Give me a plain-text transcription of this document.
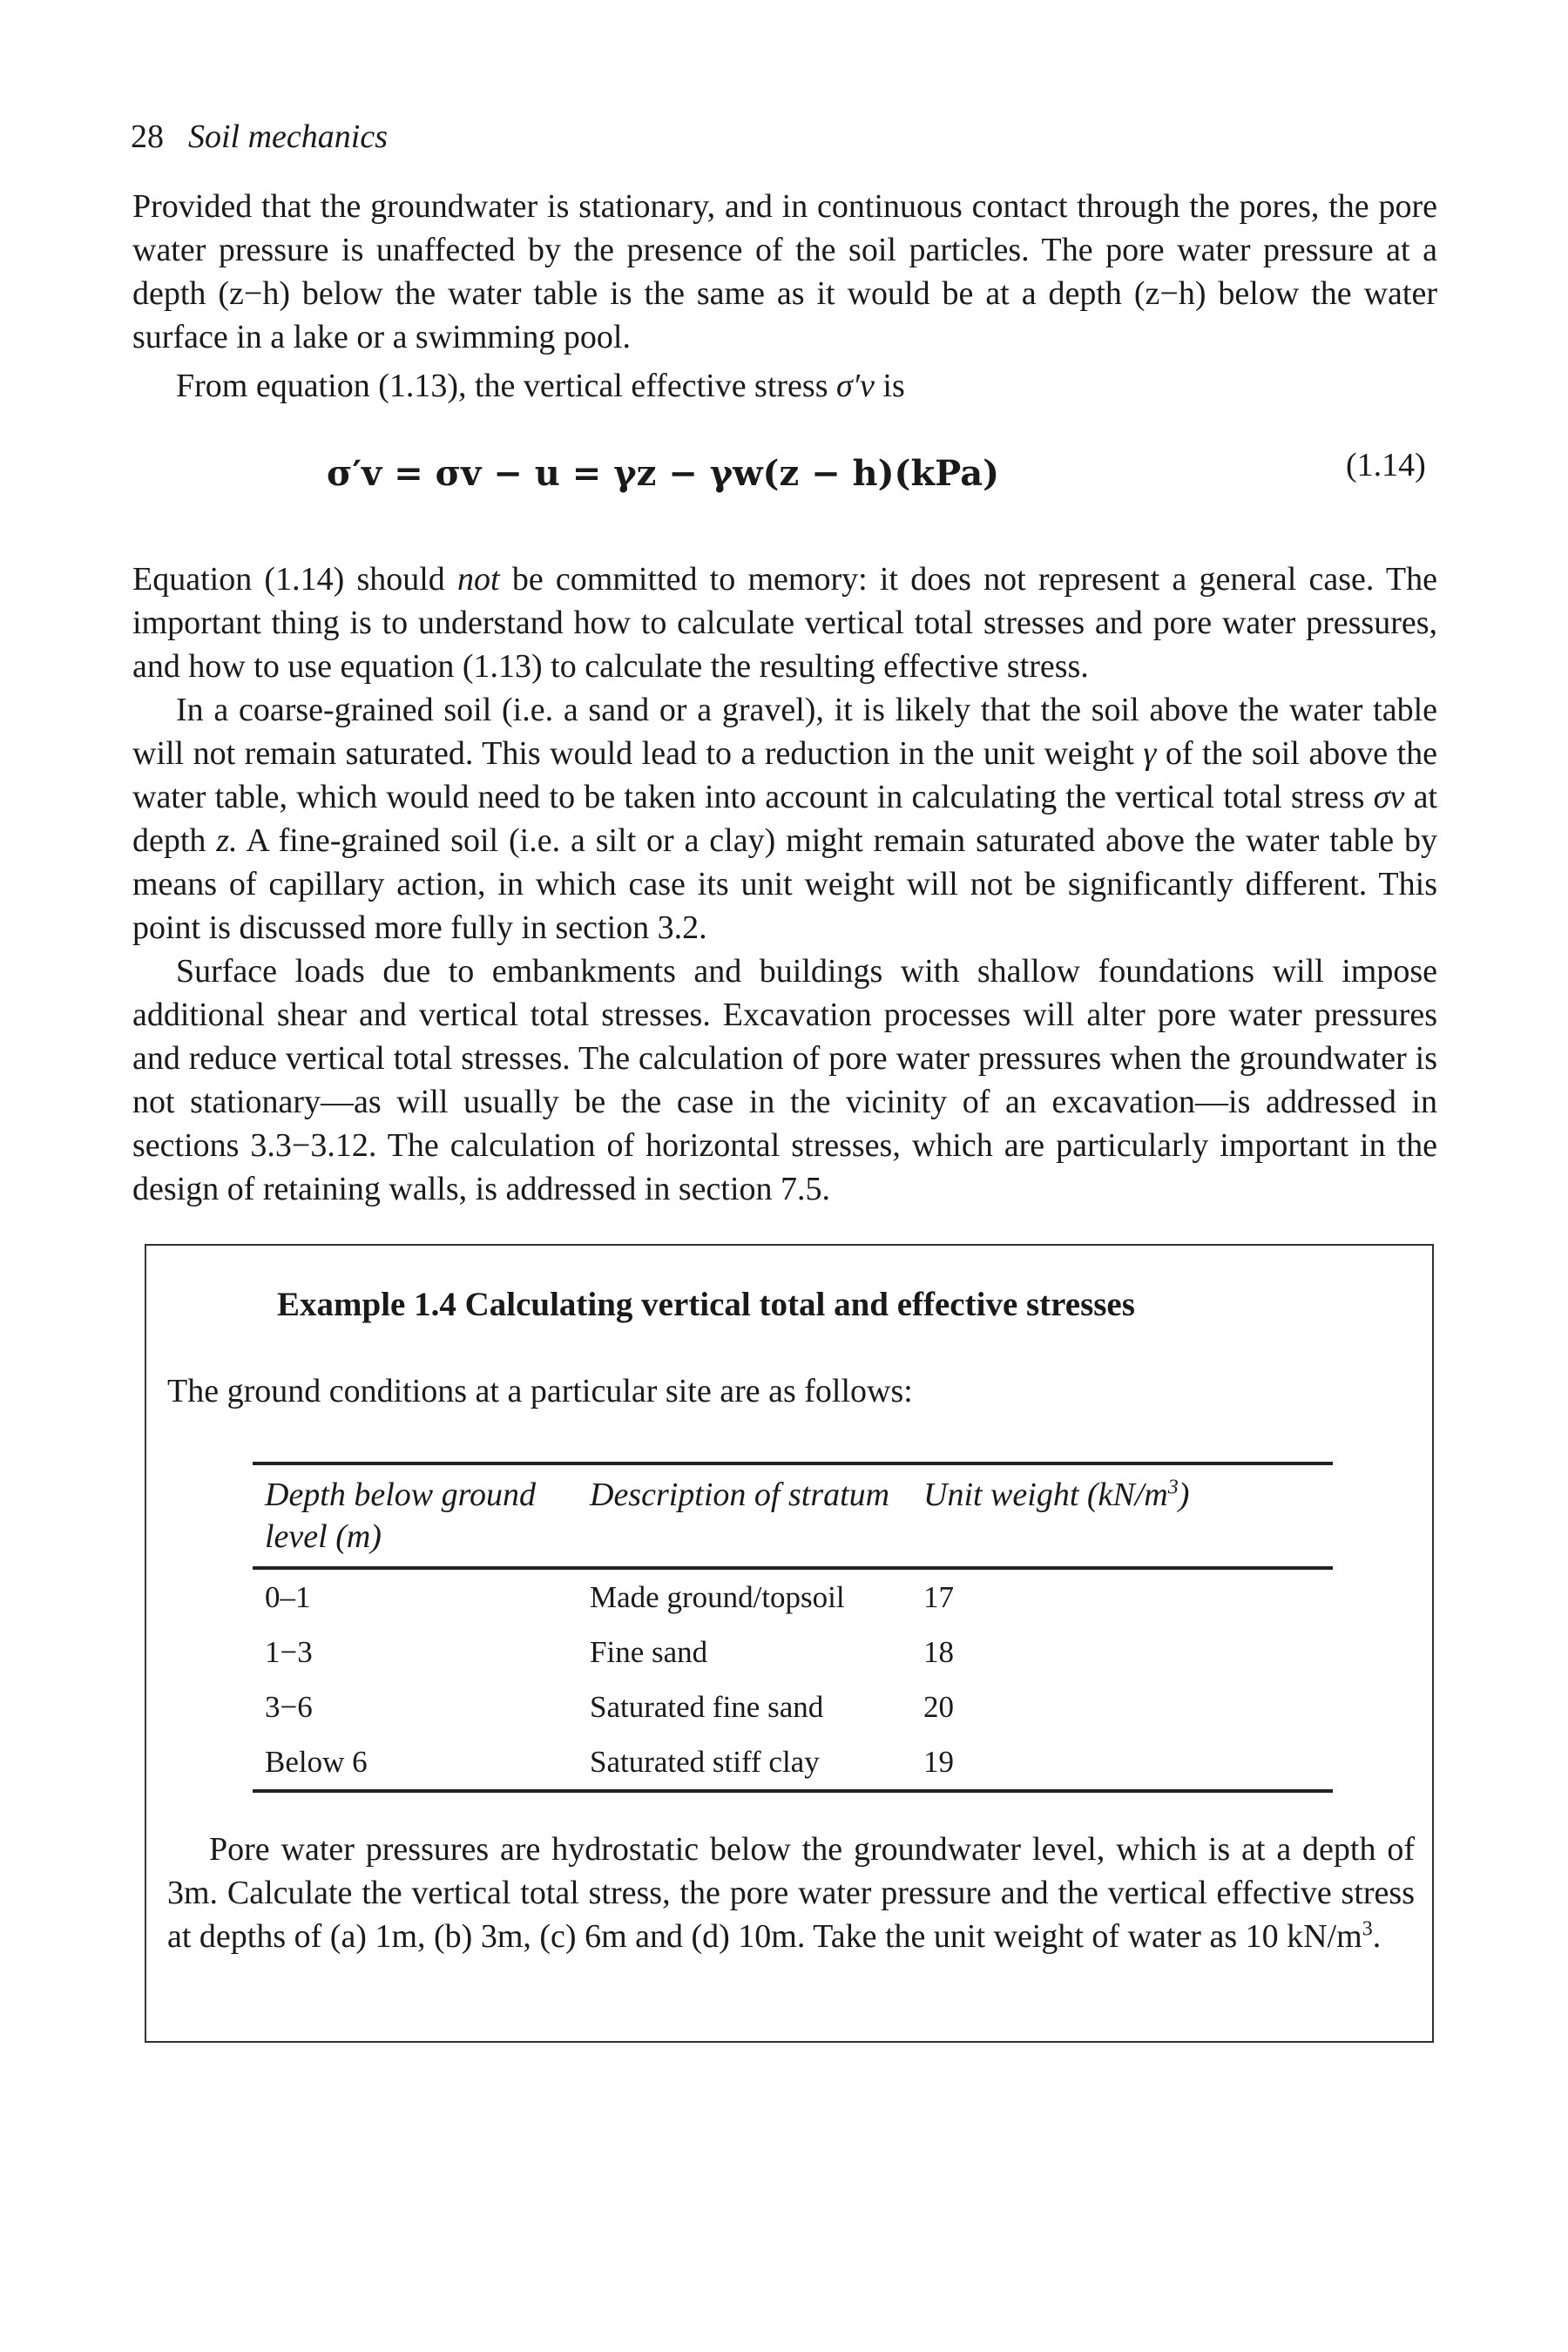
28 Soil mechanics

Provided that the groundwater is stationary, and in continuous contact through the pores, the pore water pressure is unaffected by the presence of the soil particles. The pore water pressure at a depth (z−h) below the water table is the same as it would be at a depth (z−h) below the water surface in a lake or a swimming pool.

From equation (1.13), the vertical effective stress σ′v is
σ′v = σv − u = γz − γw(z − h)(kPa)	(1.14)
Equation (1.14) should not be committed to memory: it does not represent a general case. The important thing is to understand how to calculate vertical total stresses and pore water pressures, and how to use equation (1.13) to calculate the resulting effective stress.

In a coarse-grained soil (i.e. a sand or a gravel), it is likely that the soil above the water table will not remain saturated. This would lead to a reduction in the unit weight γ of the soil above the water table, which would need to be taken into account in calculating the vertical total stress σv at depth z. A fine-grained soil (i.e. a silt or a clay) might remain saturated above the water table by means of capillary action, in which case its unit weight will not be significantly different. This point is discussed more fully in section 3.2.

Surface loads due to embankments and buildings with shallow foundations will impose additional shear and vertical total stresses. Excavation processes will alter pore water pressures and reduce vertical total stresses. The calculation of pore water pressures when the groundwater is not stationary—as will usually be the case in the vicinity of an excavation—is addressed in sections 3.3−3.12. The calculation of horizontal stresses, which are particularly important in the design of retaining walls, is addressed in section 7.5.

Example 1.4 Calculating vertical total and effective stresses
The ground conditions at a particular site are as follows:
Depth below ground level (m)	Description of stratum	Unit weight $(kN/m^3)$
0–1	Made ground/topsoil	17
1−3	Fine sand	18
3−6	Saturated fine sand	20
Below 6	Saturated stiff clay	19
Pore water pressures are hydrostatic below the groundwater level, which is at a depth of 3m. Calculate the vertical total stress, the pore water pressure and the vertical effective stress at depths of (a) 1m, (b) 3m, (c) 6m and (d) 10m. Take the unit weight of water as 10 $kN/m^3$.
